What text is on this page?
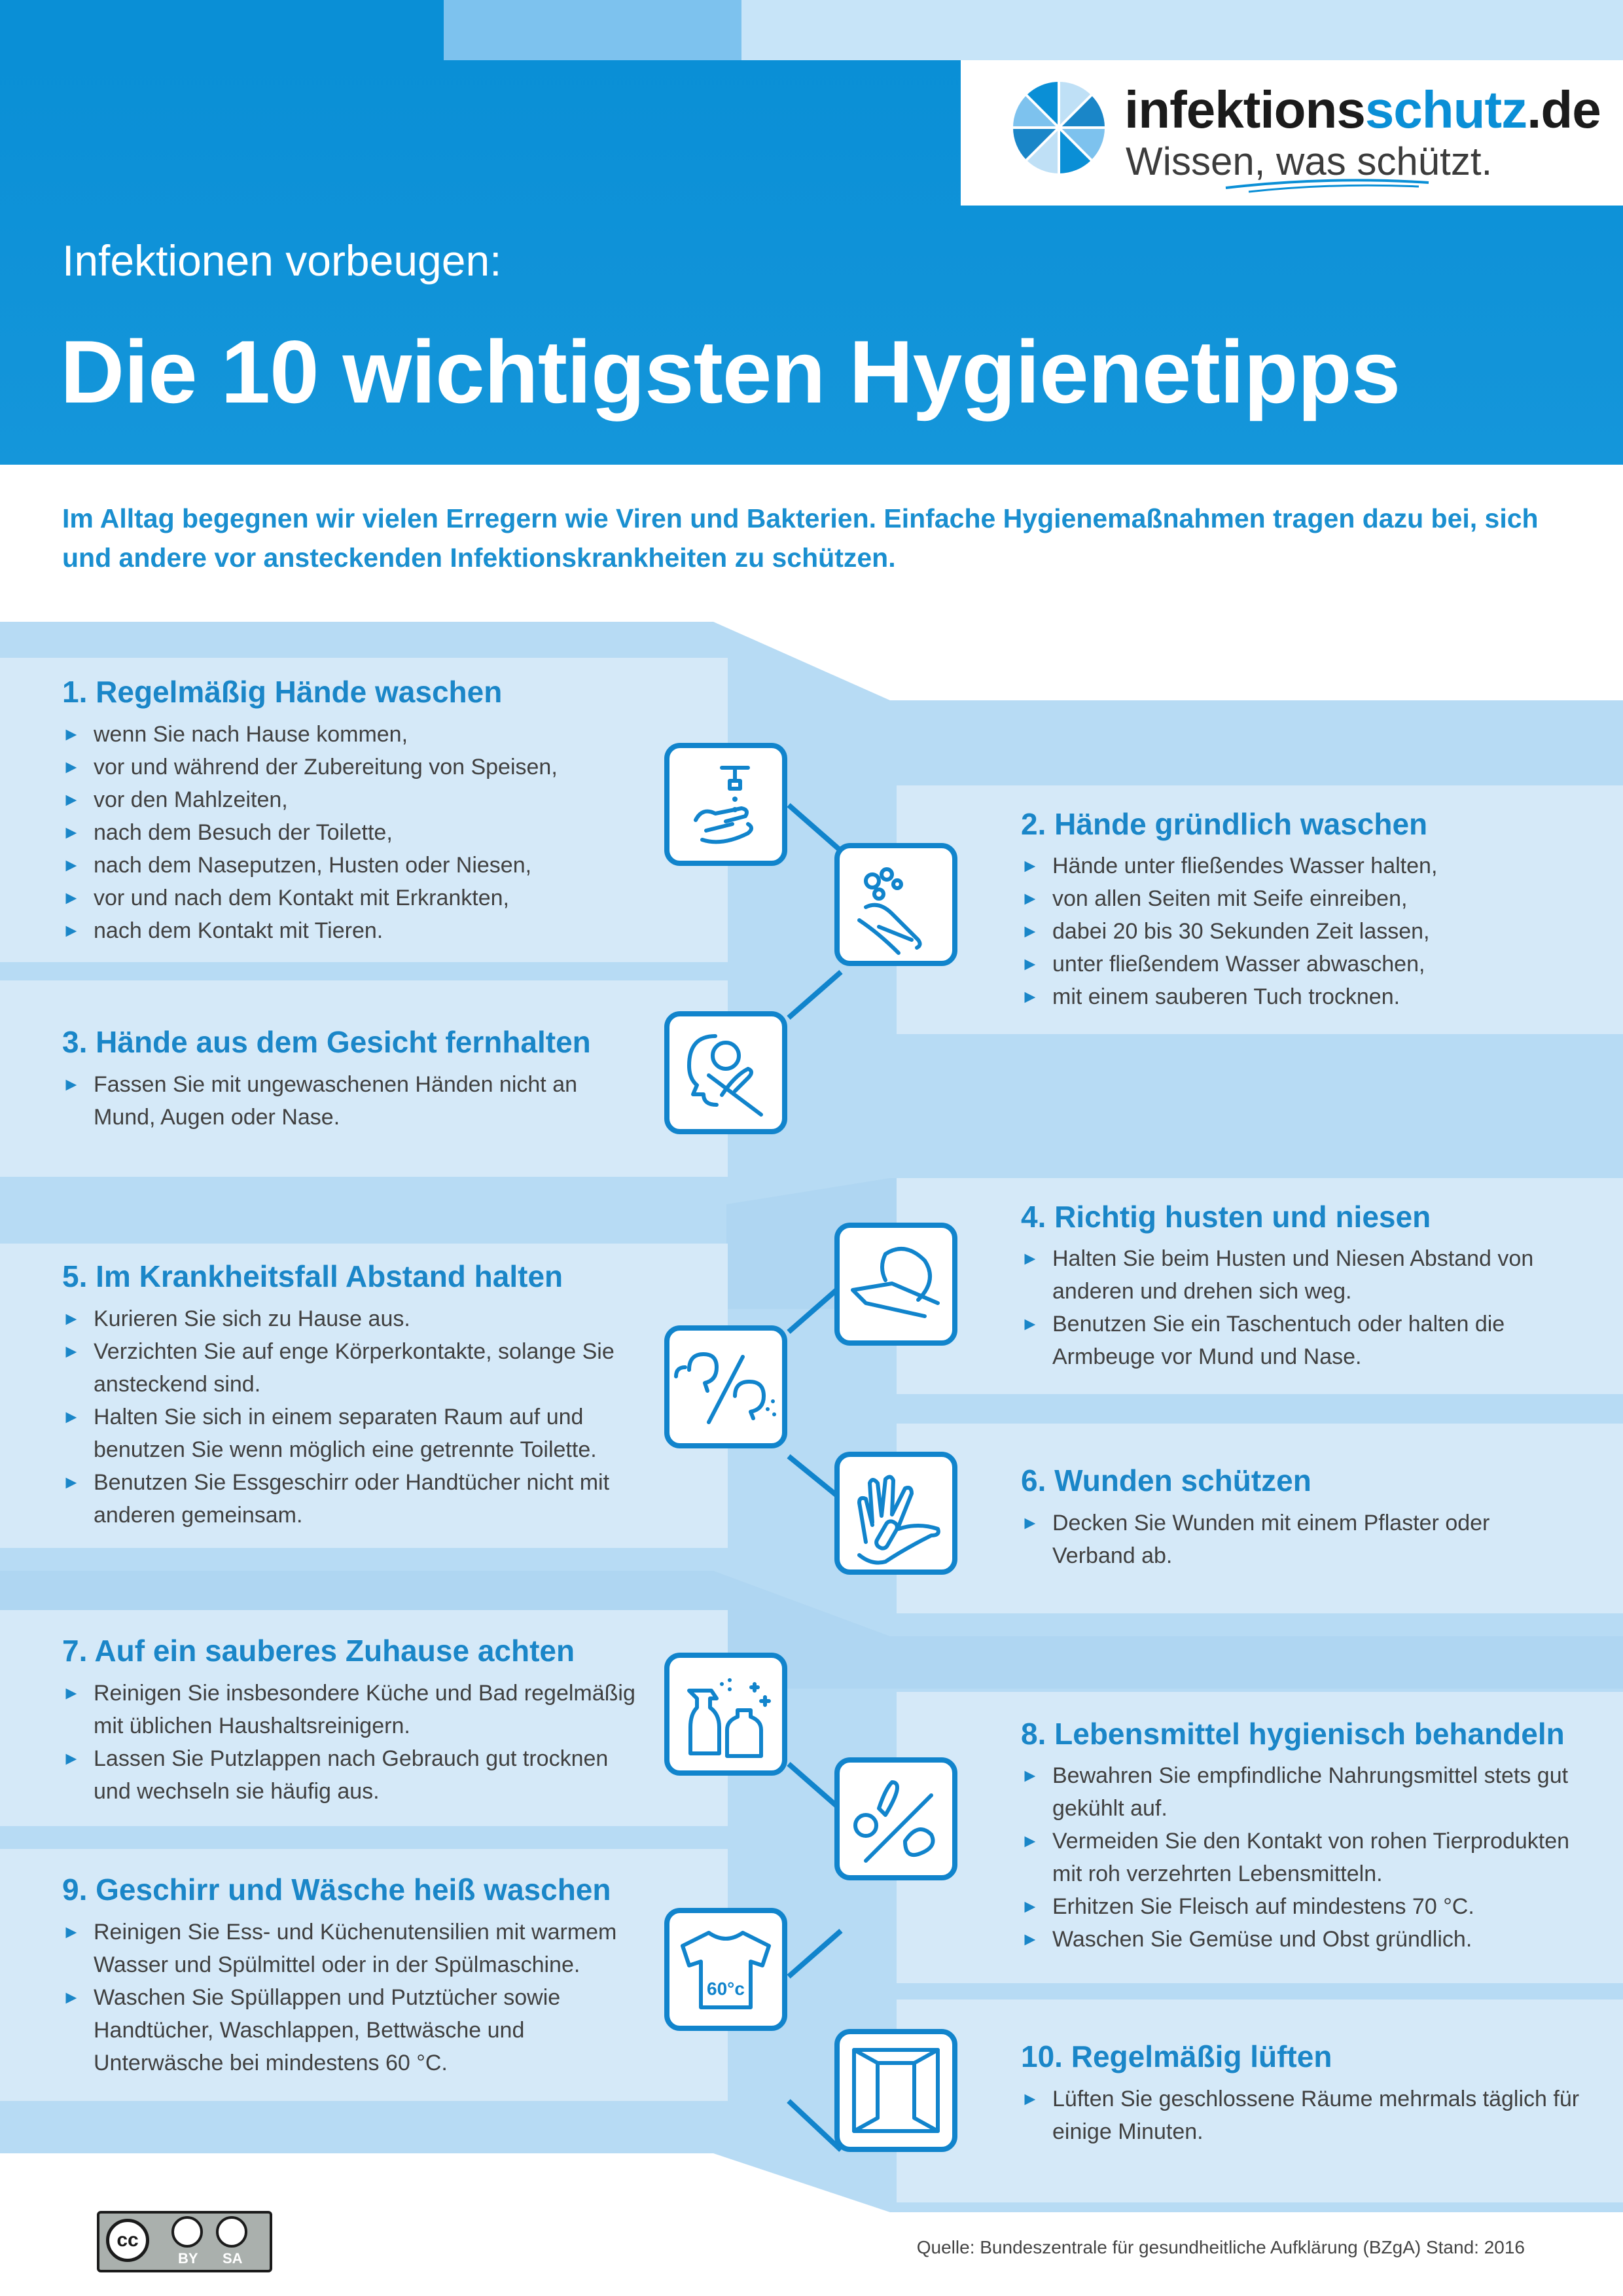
infektionsschutz.de
Wissen, was schützt.
Infektionen vorbeugen:
Die 10 wichtigsten Hygienetipps
Im Alltag begegnen wir vielen Erregern wie Viren und Bakterien. Einfache Hygienemaßnahmen tragen dazu bei, sich und andere vor ansteckenden Infektionskrankheiten zu schützen.
1. Regelmäßig Hände waschen
► wenn Sie nach Hause kommen,
► vor und während der Zubereitung von Speisen,
► vor den Mahlzeiten,
► nach dem Besuch der Toilette,
► nach dem Naseputzen, Husten oder Niesen,
► vor und nach dem Kontakt mit Erkrankten,
► nach dem Kontakt mit Tieren.
2. Hände gründlich waschen
► Hände unter fließendes Wasser halten,
► von allen Seiten mit Seife einreiben,
► dabei 20 bis 30 Sekunden Zeit lassen,
► unter fließendem Wasser abwaschen,
► mit einem sauberen Tuch trocknen.
3. Hände aus dem Gesicht fernhalten
► Fassen Sie mit ungewaschenen Händen nicht an Mund, Augen oder Nase.
4. Richtig husten und niesen
► Halten Sie beim Husten und Niesen Abstand von anderen und drehen sich weg.
► Benutzen Sie ein Taschentuch oder halten die Armbeuge vor Mund und Nase.
5. Im Krankheitsfall Abstand halten
► Kurieren Sie sich zu Hause aus.
► Verzichten Sie auf enge Körperkontakte, solange Sie ansteckend sind.
► Halten Sie sich in einem separaten Raum auf und benutzen Sie wenn möglich eine getrennte Toilette.
► Benutzen Sie Essgeschirr oder Handtücher nicht mit anderen gemeinsam.
6. Wunden schützen
► Decken Sie Wunden mit einem Pflaster oder Verband ab.
7. Auf ein sauberes Zuhause achten
► Reinigen Sie insbesondere Küche und Bad regelmäßig mit üblichen Haushaltsreinigern.
► Lassen Sie Putzlappen nach Gebrauch gut trocknen und wechseln sie häufig aus.
8. Lebensmittel hygienisch behandeln
► Bewahren Sie empfindliche Nahrungsmittel stets gut gekühlt auf.
► Vermeiden Sie den Kontakt von rohen Tierprodukten mit roh verzehrten Lebensmitteln.
► Erhitzen Sie Fleisch auf mindestens 70 °C.
► Waschen Sie Gemüse und Obst gründlich.
9. Geschirr und Wäsche heiß waschen
► Reinigen Sie Ess- und Küchenutensilien mit warmem Wasser und Spülmittel oder in der Spülmaschine.
► Waschen Sie Spüllappen und Putztücher sowie Handtücher, Waschlappen, Bettwäsche und Unterwäsche bei mindestens 60 °C.	10. Regelmäßig lüften
► Lüften Sie geschlossene Räume mehrmals täglich für einige Minuten.
60°c
cc
BY SA
Quelle: Bundeszentrale für gesundheitliche Aufklärung (BZgA) Stand: 2016
